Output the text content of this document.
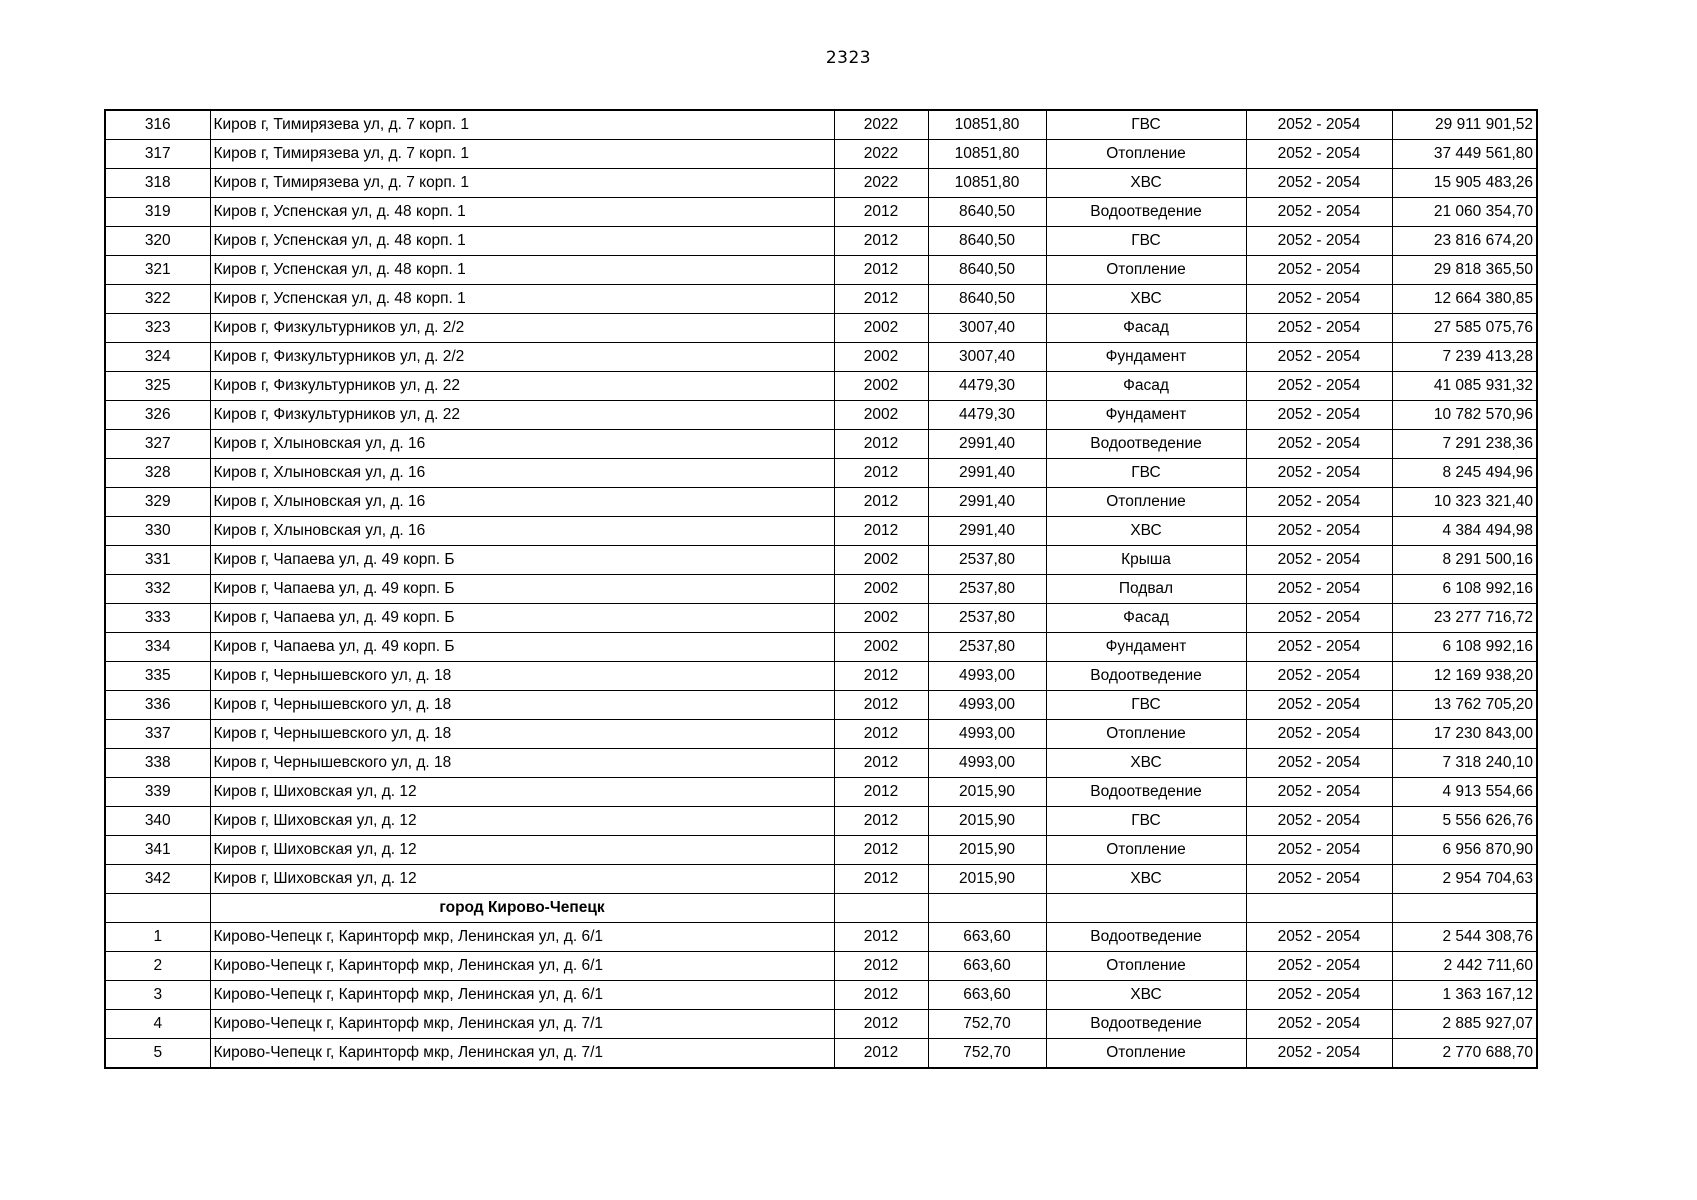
2323
316	Киров г, Тимирязева ул, д. 7 корп. 1	2022	10851,80	ГВС	2052 - 2054	29 911 901,52
317	Киров г, Тимирязева ул, д. 7 корп. 1	2022	10851,80	Отопление	2052 - 2054	37 449 561,80
318	Киров г, Тимирязева ул, д. 7 корп. 1	2022	10851,80	ХВС	2052 - 2054	15 905 483,26
319	Киров г, Успенская ул, д. 48 корп. 1	2012	8640,50	Водоотведение	2052 - 2054	21 060 354,70
320	Киров г, Успенская ул, д. 48 корп. 1	2012	8640,50	ГВС	2052 - 2054	23 816 674,20
321	Киров г, Успенская ул, д. 48 корп. 1	2012	8640,50	Отопление	2052 - 2054	29 818 365,50
322	Киров г, Успенская ул, д. 48 корп. 1	2012	8640,50	ХВС	2052 - 2054	12 664 380,85
323	Киров г, Физкультурников ул, д. 2/2	2002	3007,40	Фасад	2052 - 2054	27 585 075,76
324	Киров г, Физкультурников ул, д. 2/2	2002	3007,40	Фундамент	2052 - 2054	7 239 413,28
325	Киров г, Физкультурников ул, д. 22	2002	4479,30	Фасад	2052 - 2054	41 085 931,32
326	Киров г, Физкультурников ул, д. 22	2002	4479,30	Фундамент	2052 - 2054	10 782 570,96
327	Киров г, Хлыновская ул, д. 16	2012	2991,40	Водоотведение	2052 - 2054	7 291 238,36
328	Киров г, Хлыновская ул, д. 16	2012	2991,40	ГВС	2052 - 2054	8 245 494,96
329	Киров г, Хлыновская ул, д. 16	2012	2991,40	Отопление	2052 - 2054	10 323 321,40
330	Киров г, Хлыновская ул, д. 16	2012	2991,40	ХВС	2052 - 2054	4 384 494,98
331	Киров г, Чапаева ул, д. 49 корп. Б	2002	2537,80	Крыша	2052 - 2054	8 291 500,16
332	Киров г, Чапаева ул, д. 49 корп. Б	2002	2537,80	Подвал	2052 - 2054	6 108 992,16
333	Киров г, Чапаева ул, д. 49 корп. Б	2002	2537,80	Фасад	2052 - 2054	23 277 716,72
334	Киров г, Чапаева ул, д. 49 корп. Б	2002	2537,80	Фундамент	2052 - 2054	6 108 992,16
335	Киров г, Чернышевского ул, д. 18	2012	4993,00	Водоотведение	2052 - 2054	12 169 938,20
336	Киров г, Чернышевского ул, д. 18	2012	4993,00	ГВС	2052 - 2054	13 762 705,20
337	Киров г, Чернышевского ул, д. 18	2012	4993,00	Отопление	2052 - 2054	17 230 843,00
338	Киров г, Чернышевского ул, д. 18	2012	4993,00	ХВС	2052 - 2054	7 318 240,10
339	Киров г, Шиховская ул, д. 12	2012	2015,90	Водоотведение	2052 - 2054	4 913 554,66
340	Киров г, Шиховская ул, д. 12	2012	2015,90	ГВС	2052 - 2054	5 556 626,76
341	Киров г, Шиховская ул, д. 12	2012	2015,90	Отопление	2052 - 2054	6 956 870,90
342	Киров г, Шиховская ул, д. 12	2012	2015,90	ХВС	2052 - 2054	2 954 704,63
	город Кирово-Чепецк					
1	Кирово-Чепецк г, Каринторф мкр, Ленинская ул, д. 6/1	2012	663,60	Водоотведение	2052 - 2054	2 544 308,76
2	Кирово-Чепецк г, Каринторф мкр, Ленинская ул, д. 6/1	2012	663,60	Отопление	2052 - 2054	2 442 711,60
3	Кирово-Чепецк г, Каринторф мкр, Ленинская ул, д. 6/1	2012	663,60	ХВС	2052 - 2054	1 363 167,12
4	Кирово-Чепецк г, Каринторф мкр, Ленинская ул, д. 7/1	2012	752,70	Водоотведение	2052 - 2054	2 885 927,07
5	Кирово-Чепецк г, Каринторф мкр, Ленинская ул, д. 7/1	2012	752,70	Отопление	2052 - 2054	2 770 688,70
